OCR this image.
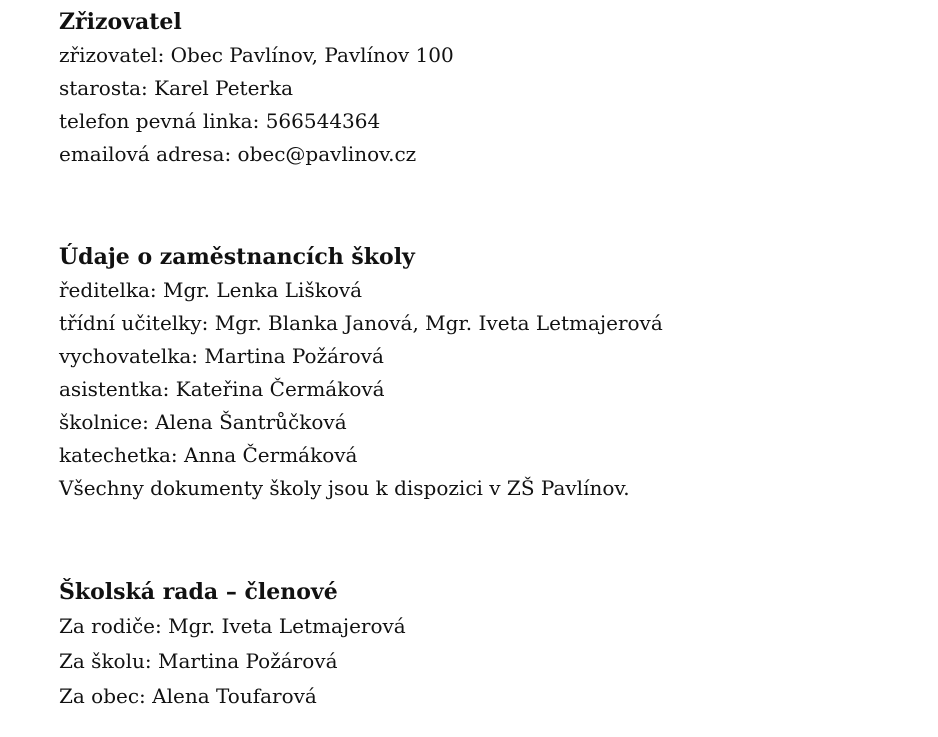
Zřizovatel

zřizovatel: Obec Pavlínov, Pavlínov 100

starosta: Karel Peterka

telefon pevná linka: 566544364

emailová adresa: obec@pavlinov.cz

Údaje o zaměstnancích školy

ředitelka: Mgr. Lenka Lišková

třídní učitelky: Mgr. Blanka Janová, Mgr. Iveta Letmajerová

vychovatelka: Martina Požárová

asistentka: Kateřina Čermáková

školnice: Alena Šantrůčková

katechetka: Anna Čermáková

Všechny dokumenty školy jsou k dispozici v ZŠ Pavlínov.

Školská rada – členové

Za rodiče: Mgr. Iveta Letmajerová

Za školu: Martina Požárová

Za obec: Alena Toufarová
